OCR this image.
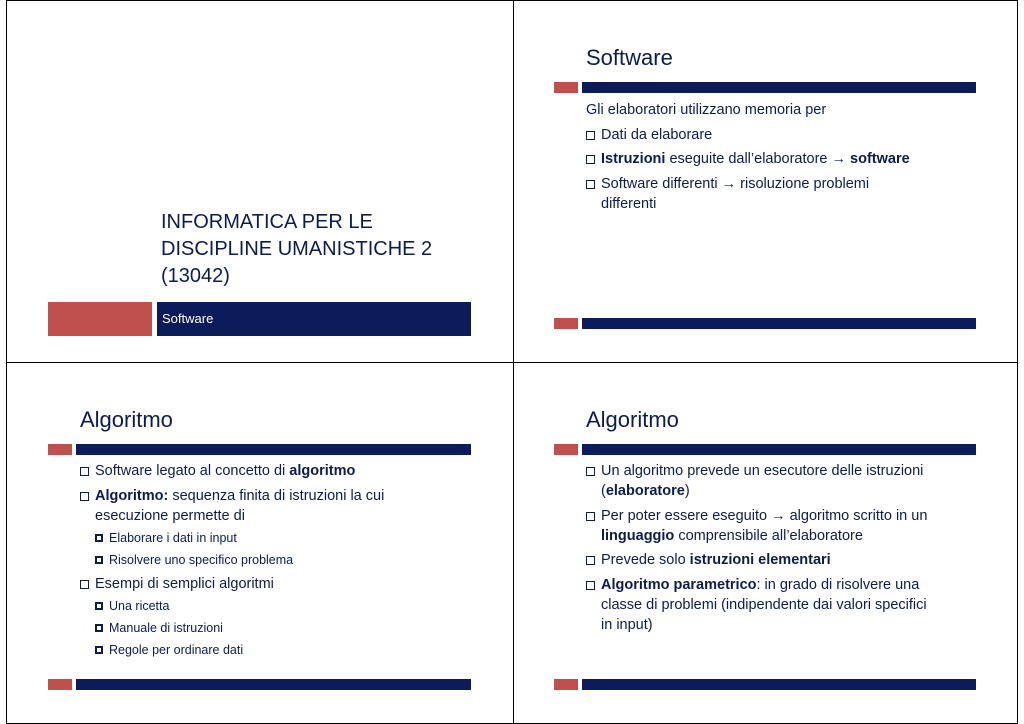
INFORMATICA PER LE
DISCIPLINE UMANISTICHE 2
(13042)
Software
Software
Gli elaboratori utilizzano memoria per
Dati da elaborare
Istruzioni eseguite dall’elaboratore → software
Software differenti → risoluzione problemi
differenti
Algoritmo
Software legato al concetto di algoritmo
Algoritmo: sequenza finita di istruzioni la cui
esecuzione permette di
Elaborare i dati in input
Risolvere uno specifico problema
Esempi di semplici algoritmi
Una ricetta
Manuale di istruzioni
Regole per ordinare dati
Algoritmo
Un algoritmo prevede un esecutore delle istruzioni
(elaboratore)
Per poter essere eseguito → algoritmo scritto in un
linguaggio comprensibile all’elaboratore
Prevede solo istruzioni elementari
Algoritmo parametrico: in grado di risolvere una
classe di problemi (indipendente dai valori specifici
in input)
